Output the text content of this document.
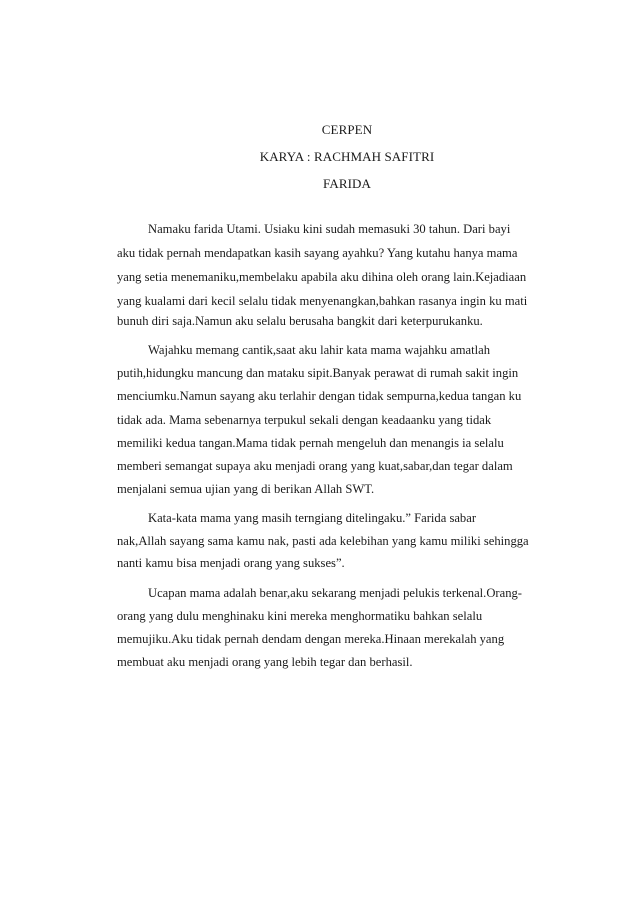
CERPEN
KARYA : RACHMAH SAFITRI
FARIDA
Namaku farida Utami. Usiaku kini sudah memasuki 30 tahun. Dari bayi
aku tidak pernah mendapatkan kasih sayang ayahku? Yang kutahu hanya mama
yang setia menemaniku,membelaku apabila aku dihina oleh orang lain.Kejadiaan
yang kualami dari kecil selalu tidak menyenangkan,bahkan rasanya ingin ku mati
bunuh diri saja.Namun aku selalu berusaha bangkit dari keterpurukanku.
Wajahku memang cantik,saat aku lahir kata mama wajahku amatlah
putih,hidungku mancung dan mataku sipit.Banyak perawat di rumah sakit ingin
menciumku.Namun sayang aku terlahir dengan tidak sempurna,kedua tangan ku
tidak ada. Mama sebenarnya terpukul sekali dengan keadaanku yang tidak
memiliki kedua tangan.Mama tidak pernah mengeluh dan menangis ia selalu
memberi semangat supaya aku menjadi orang yang kuat,sabar,dan tegar dalam
menjalani semua ujian yang di berikan Allah SWT.
Kata-kata mama yang masih terngiang ditelingaku.” Farida sabar
nak,Allah sayang sama kamu nak, pasti ada kelebihan yang kamu miliki sehingga
nanti kamu bisa menjadi orang yang sukses”.
Ucapan mama adalah benar,aku sekarang menjadi pelukis terkenal.Orang-
orang yang dulu menghinaku kini mereka menghormatiku bahkan selalu
memujiku.Aku tidak pernah dendam dengan mereka.Hinaan merekalah yang
membuat aku menjadi orang yang lebih tegar dan berhasil.
